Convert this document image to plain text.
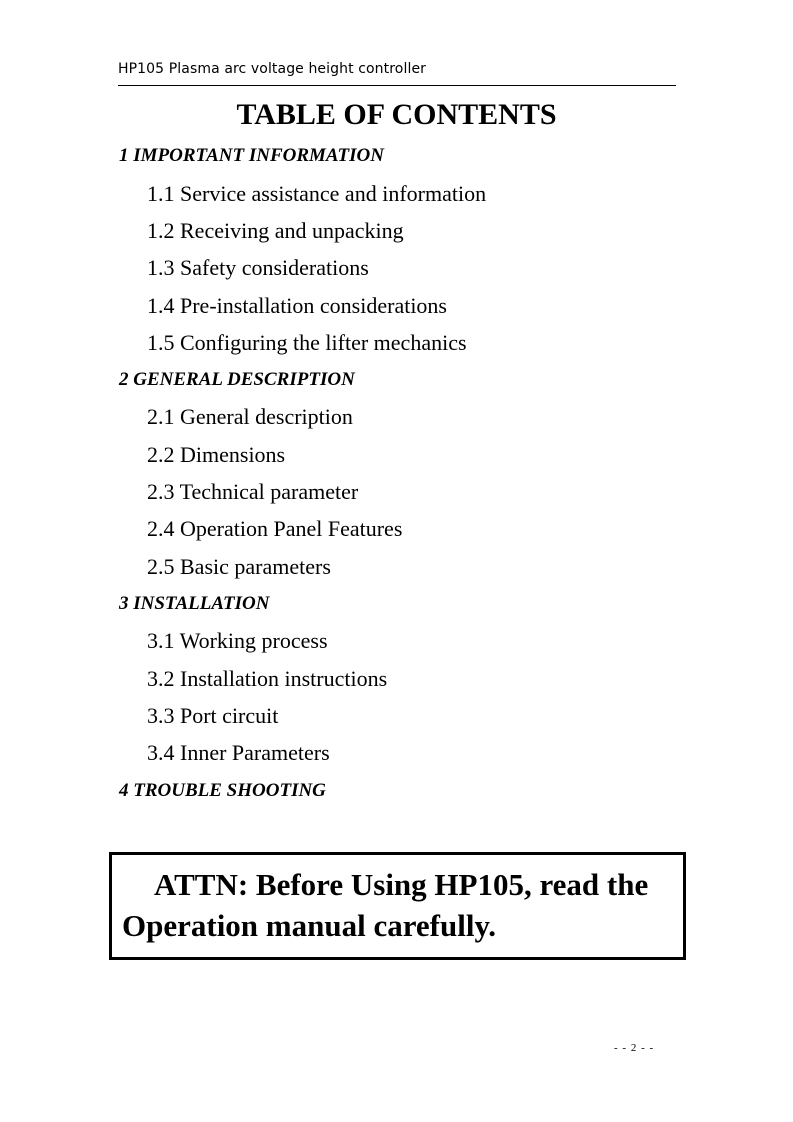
HP105 Plasma arc voltage height controller
TABLE OF CONTENTS
1 IMPORTANT INFORMATION
1.1 Service assistance and information
1.2 Receiving and unpacking
1.3 Safety considerations
1.4 Pre-installation considerations
1.5 Configuring the lifter mechanics
2 GENERAL DESCRIPTION
2.1 General description
2.2 Dimensions
2.3 Technical parameter
2.4 Operation Panel Features
2.5 Basic parameters
3 INSTALLATION
3.1 Working process
3.2 Installation instructions
3.3 Port circuit
3.4 Inner Parameters
4 TROUBLE SHOOTING
ATTN: Before Using HP105, read the
Operation manual carefully.
- - 2 - -
